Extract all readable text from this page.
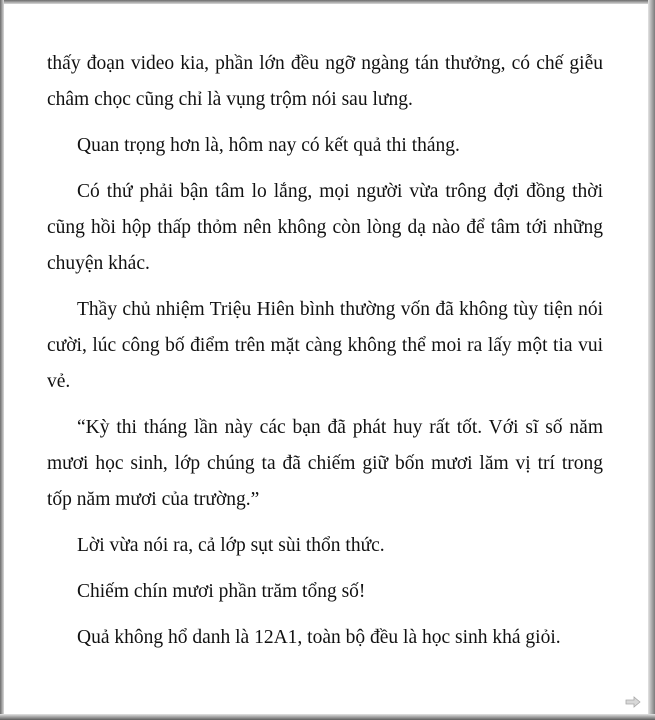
thấy đoạn video kia, phần lớn đều ngỡ ngàng tán thưởng, có chế giễu châm chọc cũng chỉ là vụng trộm nói sau lưng.

Quan trọng hơn là, hôm nay có kết quả thi tháng.

Có thứ phải bận tâm lo lắng, mọi người vừa trông đợi đồng thời cũng hồi hộp thấp thỏm nên không còn lòng dạ nào để tâm tới những chuyện khác.

Thầy chủ nhiệm Triệu Hiên bình thường vốn đã không tùy tiện nói cười, lúc công bố điểm trên mặt càng không thể moi ra lấy một tia vui vẻ.

“Kỳ thi tháng lần này các bạn đã phát huy rất tốt. Với sĩ số năm mươi học sinh, lớp chúng ta đã chiếm giữ bốn mươi lăm vị trí trong tốp năm mươi của trường.”

Lời vừa nói ra, cả lớp sụt sùi thổn thức.

Chiếm chín mươi phần trăm tổng số!

Quả không hổ danh là 12A1, toàn bộ đều là học sinh khá giỏi.
